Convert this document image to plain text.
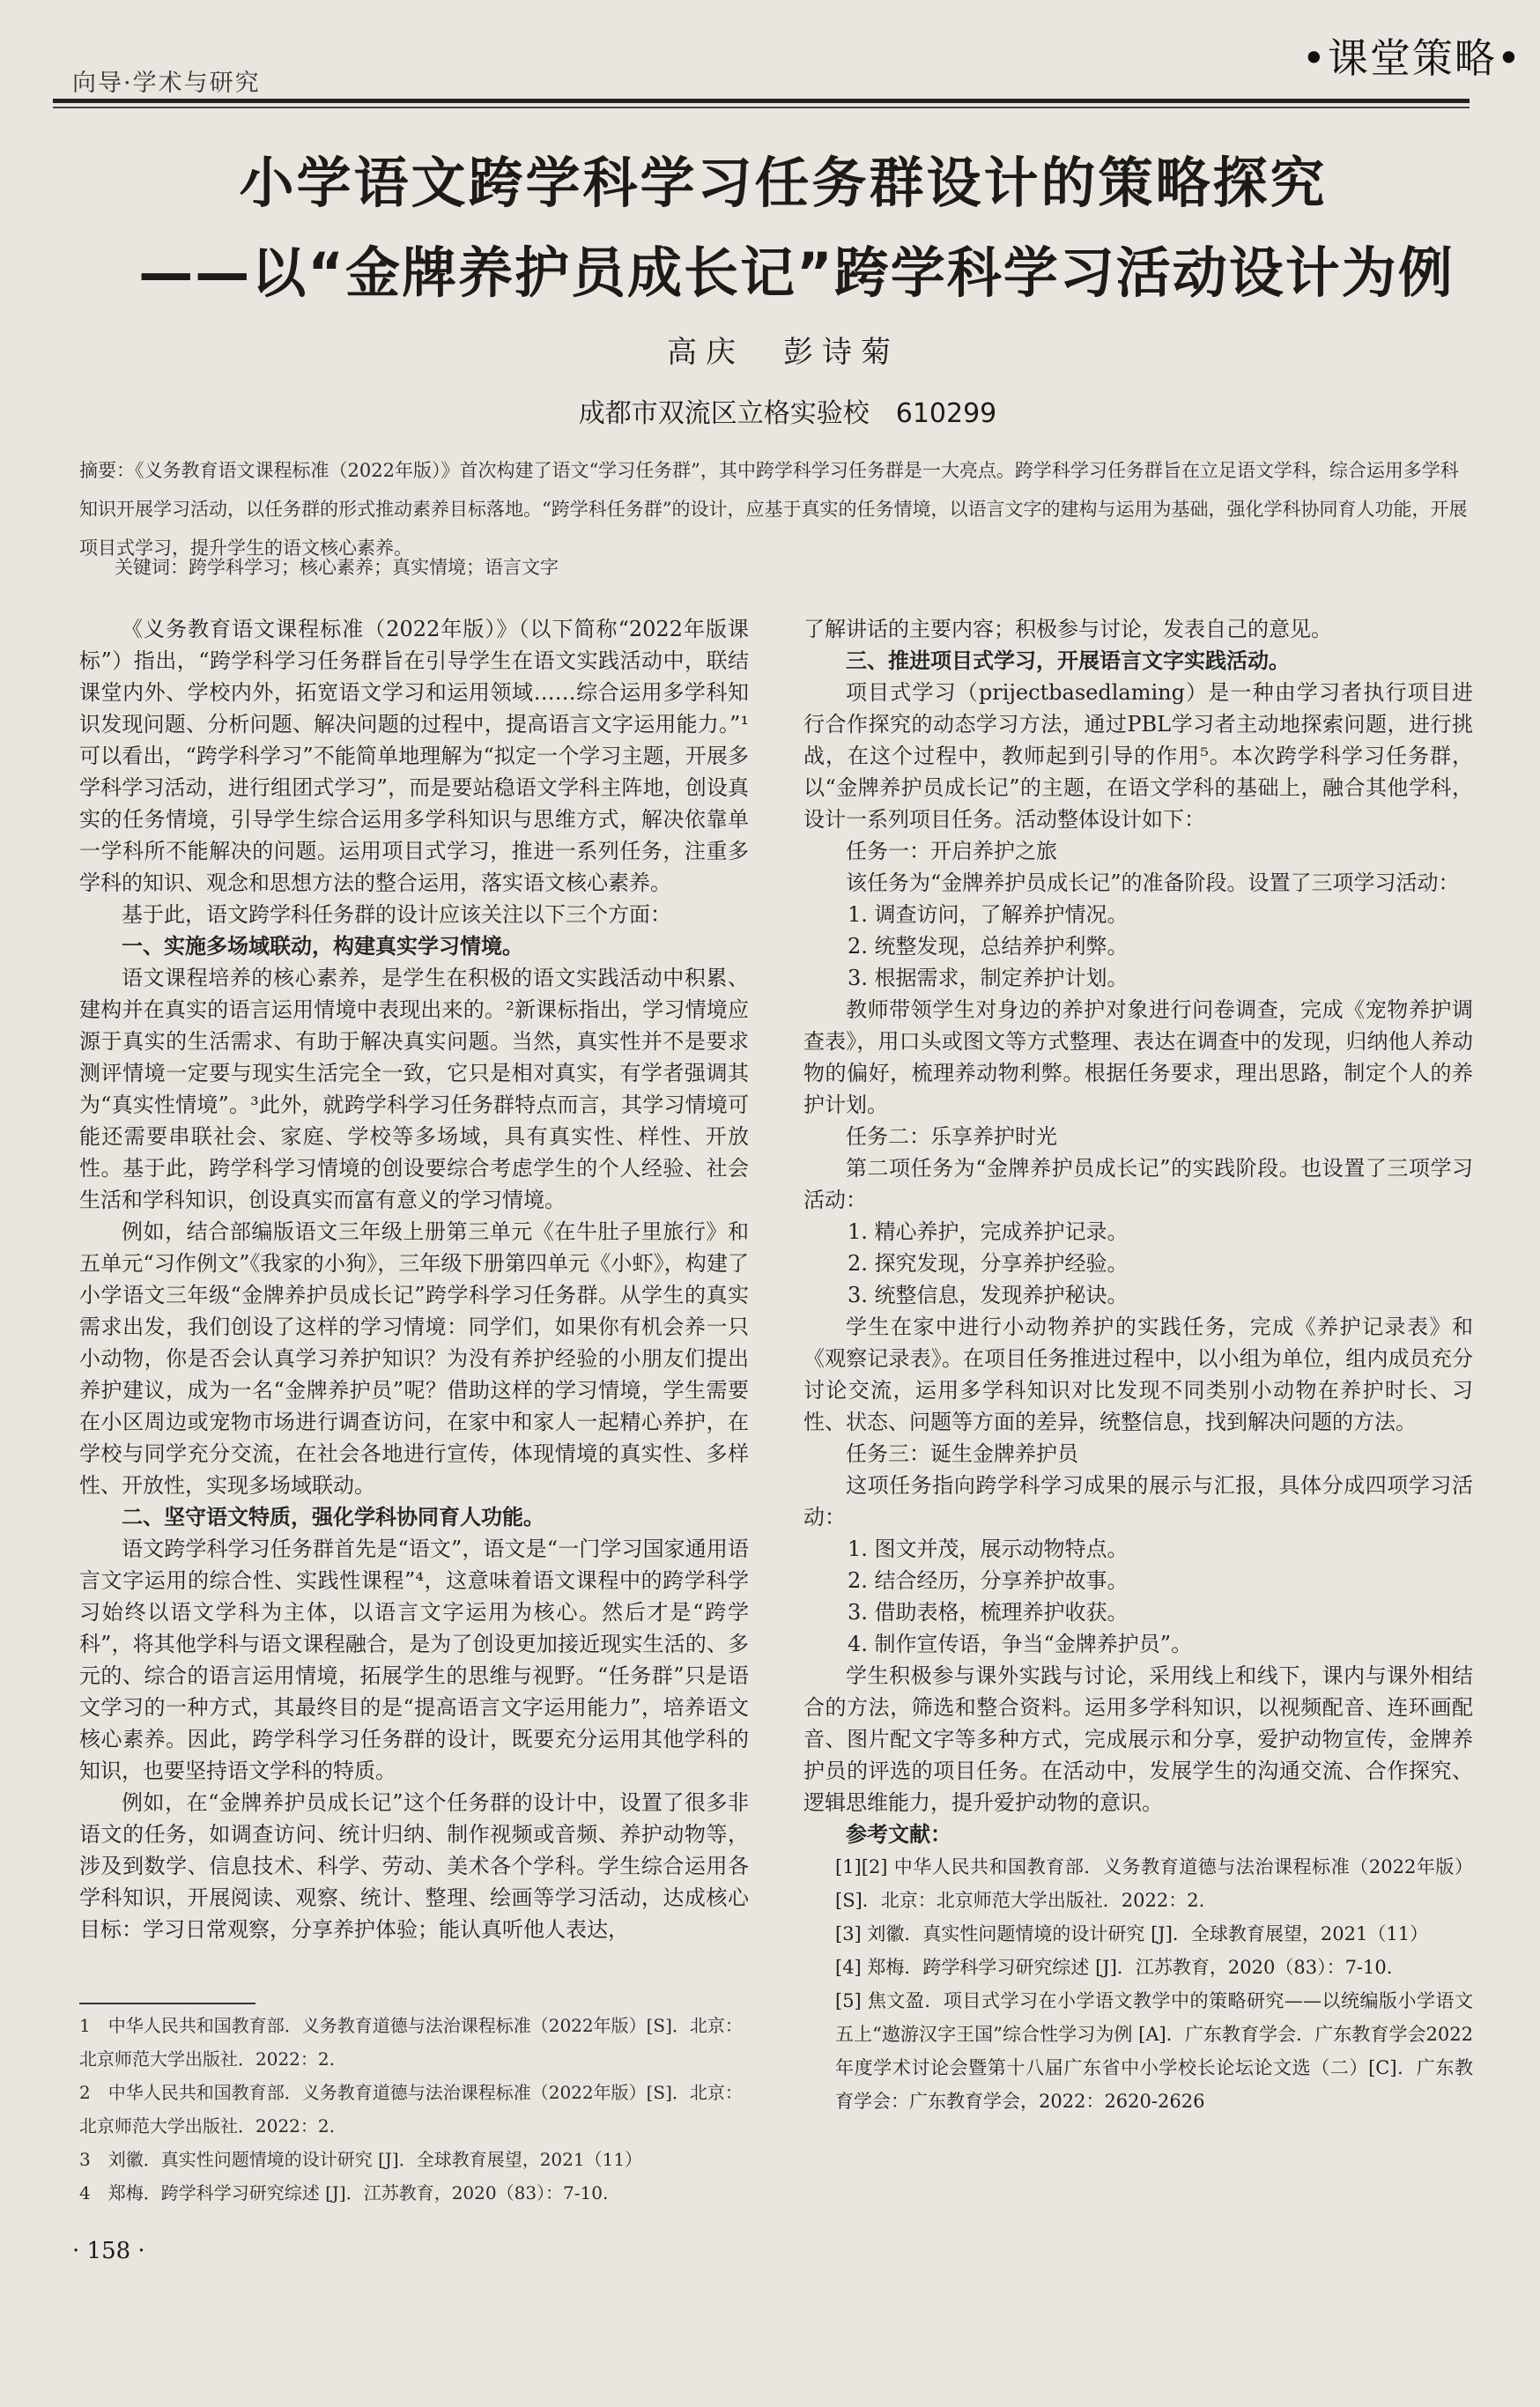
向导·学术与研究
•课堂策略•
小学语文跨学科学习任务群设计的策略探究
——以“金牌养护员成长记”跨学科学习活动设计为例
高庆　彭诗菊
成都市双流区立格实验校　610299
摘要：《义务教育语文课程标准（2022年版）》首次构建了语文“学习任务群”，其中跨学科学习任务群是一大亮点。跨学科学习任务群旨在立足语文学科，综合运用多学科知识开展学习活动，以任务群的形式推动素养目标落地。“跨学科任务群”的设计，应基于真实的任务情境，以语言文字的建构与运用为基础，强化学科协同育人功能，开展项目式学习，提升学生的语文核心素养。
关键词：跨学科学习；核心素养；真实情境；语言文字

《义务教育语文课程标准（2022年版）》（以下简称“2022年版课标”）指出，“跨学科学习任务群旨在引导学生在语文实践活动中，联结课堂内外、学校内外，拓宽语文学习和运用领域……综合运用多学科知识发现问题、分析问题、解决问题的过程中，提高语言文字运用能力。”¹可以看出，“跨学科学习”不能简单地理解为“拟定一个学习主题，开展多学科学习活动，进行组团式学习”，而是要站稳语文学科主阵地，创设真实的任务情境，引导学生综合运用多学科知识与思维方式，解决依靠单一学科所不能解决的问题。运用项目式学习，推进一系列任务，注重多学科的知识、观念和思想方法的整合运用，落实语文核心素养。

基于此，语文跨学科任务群的设计应该关注以下三个方面：

一、实施多场域联动，构建真实学习情境。

语文课程培养的核心素养，是学生在积极的语文实践活动中积累、建构并在真实的语言运用情境中表现出来的。²新课标指出，学习情境应源于真实的生活需求、有助于解决真实问题。当然，真实性并不是要求测评情境一定要与现实生活完全一致，它只是相对真实，有学者强调其为“真实性情境”。³此外，就跨学科学习任务群特点而言，其学习情境可能还需要串联社会、家庭、学校等多场域，具有真实性、样性、开放性。基于此，跨学科学习情境的创设要综合考虑学生的个人经验、社会生活和学科知识，创设真实而富有意义的学习情境。

例如，结合部编版语文三年级上册第三单元《在牛肚子里旅行》和五单元“习作例文”《我家的小狗》，三年级下册第四单元《小虾》，构建了小学语文三年级“金牌养护员成长记”跨学科学习任务群。从学生的真实需求出发，我们创设了这样的学习情境：同学们，如果你有机会养一只小动物，你是否会认真学习养护知识？为没有养护经验的小朋友们提出养护建议，成为一名“金牌养护员”呢？借助这样的学习情境，学生需要在小区周边或宠物市场进行调查访问，在家中和家人一起精心养护，在学校与同学充分交流，在社会各地进行宣传，体现情境的真实性、多样性、开放性，实现多场域联动。

二、坚守语文特质，强化学科协同育人功能。

语文跨学科学习任务群首先是“语文”，语文是“一门学习国家通用语言文字运用的综合性、实践性课程”⁴，这意味着语文课程中的跨学科学习始终以语文学科为主体，以语言文字运用为核心。然后才是“跨学科”，将其他学科与语文课程融合，是为了创设更加接近现实生活的、多元的、综合的语言运用情境，拓展学生的思维与视野。“任务群”只是语文学习的一种方式，其最终目的是“提高语言文字运用能力”，培养语文核心素养。因此，跨学科学习任务群的设计，既要充分运用其他学科的知识，也要坚持语文学科的特质。

例如，在“金牌养护员成长记”这个任务群的设计中，设置了很多非语文的任务，如调查访问、统计归纳、制作视频或音频、养护动物等，涉及到数学、信息技术、科学、劳动、美术各个学科。学生综合运用各学科知识，开展阅读、观察、统计、整理、绘画等学习活动，达成核心目标：学习日常观察，分享养护体验；能认真听他人表达，

了解讲话的主要内容；积极参与讨论，发表自己的意见。

三、推进项目式学习，开展语言文字实践活动。

项目式学习（prijectbasedlaming）是一种由学习者执行项目进行合作探究的动态学习方法，通过PBL学习者主动地探索问题，进行挑战，在这个过程中，教师起到引导的作用⁵。本次跨学科学习任务群，以“金牌养护员成长记”的主题，在语文学科的基础上，融合其他学科，设计一系列项目任务。活动整体设计如下：

任务一：开启养护之旅

该任务为“金牌养护员成长记”的准备阶段。设置了三项学习活动：

1. 调查访问，了解养护情况。

2. 统整发现，总结养护利弊。

3. 根据需求，制定养护计划。

教师带领学生对身边的养护对象进行问卷调查，完成《宠物养护调查表》，用口头或图文等方式整理、表达在调查中的发现，归纳他人养动物的偏好，梳理养动物利弊。根据任务要求，理出思路，制定个人的养护计划。

任务二：乐享养护时光

第二项任务为“金牌养护员成长记”的实践阶段。也设置了三项学习活动：

1. 精心养护，完成养护记录。

2. 探究发现，分享养护经验。

3. 统整信息，发现养护秘诀。

学生在家中进行小动物养护的实践任务，完成《养护记录表》和《观察记录表》。在项目任务推进过程中，以小组为单位，组内成员充分讨论交流，运用多学科知识对比发现不同类别小动物在养护时长、习性、状态、问题等方面的差异，统整信息，找到解决问题的方法。

任务三：诞生金牌养护员

这项任务指向跨学科学习成果的展示与汇报，具体分成四项学习活动：

1. 图文并茂，展示动物特点。

2. 结合经历，分享养护故事。

3. 借助表格，梳理养护收获。

4. 制作宣传语，争当“金牌养护员”。

学生积极参与课外实践与讨论，采用线上和线下，课内与课外相结合的方法，筛选和整合资料。运用多学科知识，以视频配音、连环画配音、图片配文字等多种方式，完成展示和分享，爱护动物宣传，金牌养护员的评选的项目任务。在活动中，发展学生的沟通交流、合作探究、逻辑思维能力，提升爱护动物的意识。

参考文献：

[1][2] 中华人民共和国教育部．义务教育道德与法治课程标准（2022年版）[S]．北京：北京师范大学出版社．2022：2.

[3] 刘徽．真实性问题情境的设计研究 [J]．全球教育展望，2021（11）

[4] 郑梅．跨学科学习研究综述 [J]．江苏教育，2020（83）：7-10.

[5] 焦文盈．项目式学习在小学语文教学中的策略研究——以统编版小学语文五上“遨游汉字王国”综合性学习为例 [A]．广东教育学会．广东教育学会2022年度学术讨论会暨第十八届广东省中小学校长论坛论文选（二）[C]．广东教育学会：广东教育学会，2022：2620-2626

1　中华人民共和国教育部．义务教育道德与法治课程标准（2022年版）[S]．北京：北京师范大学出版社．2022：2.
2　中华人民共和国教育部．义务教育道德与法治课程标准（2022年版）[S]．北京：北京师范大学出版社．2022：2.
3　刘徽．真实性问题情境的设计研究 [J]．全球教育展望，2021（11）
4　郑梅．跨学科学习研究综述 [J]．江苏教育，2020（83）：7-10.
· 158 ·
